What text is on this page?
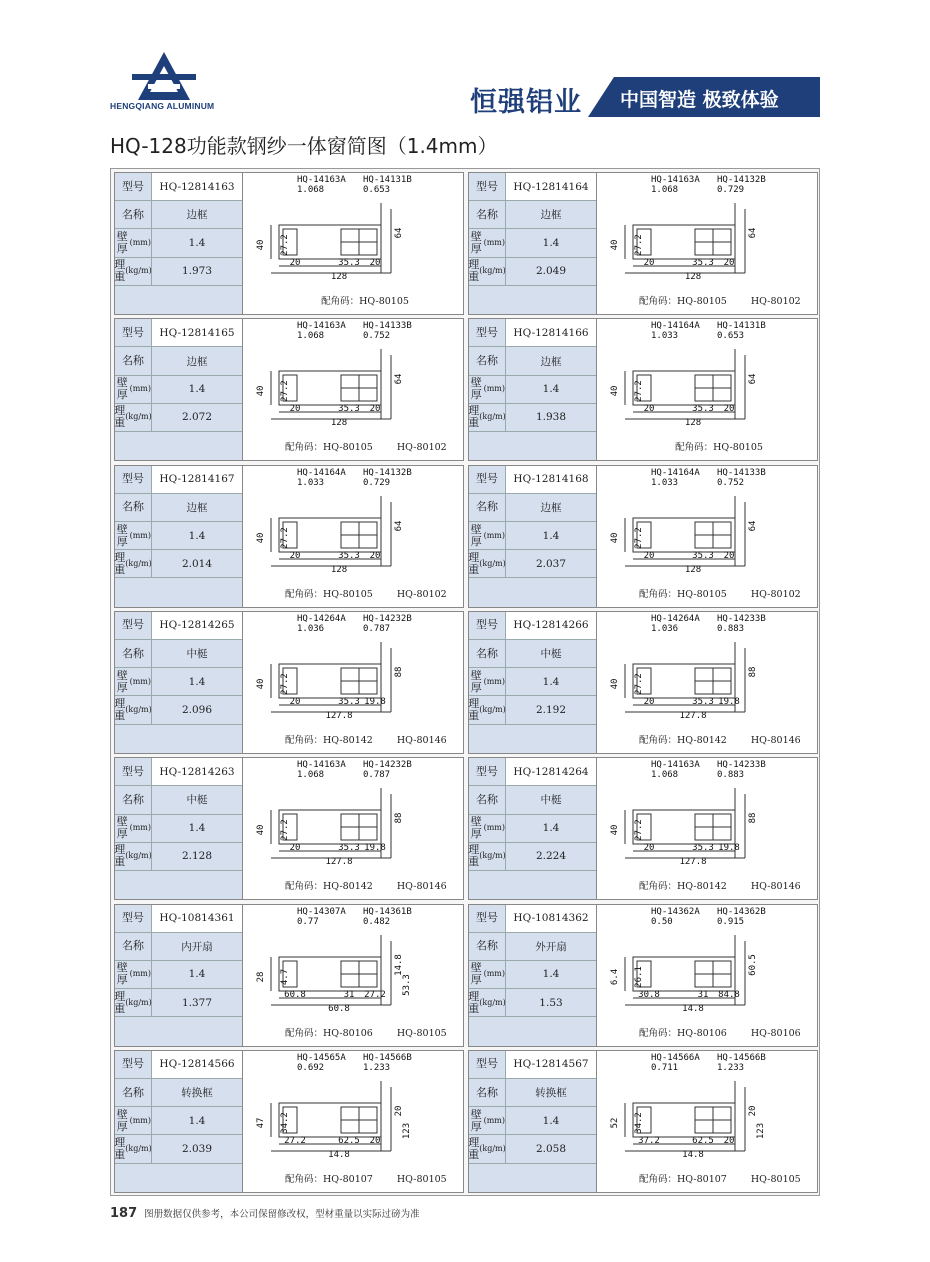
HENGQIANG ALUMINUM	恒强铝业 中国智造 极致体验
HQ-128功能款钢纱一体窗简图（1.4mm）
型号	HQ-12814163
名称	边框
壁厚 (mm)	1.4
理重 (kg/m)	1.973
40 27.2
20	35.3 20
128
64
HQ-14163A HQ-14131B
1.068	0.653
配角码：HQ-80105
型号	HQ-12814164
名称	边框
壁厚 (mm)	1.4
理重 (kg/m)	2.049
40 27.2
20	35.3 20
128
64
HQ-14163A HQ-14132B
1.068	0.729
配角码：HQ-80105	HQ-80102
型号	HQ-12814165
名称	边框
壁厚 (mm)	1.4
理重 (kg/m)	2.072
40 27.2
20	35.3 20
128
64
HQ-14163A HQ-14133B
1.068	0.752
配角码：HQ-80105	HQ-80102
型号	HQ-12814166
名称	边框
壁厚 (mm)	1.4
理重 (kg/m)	1.938
40 27.2
20	35.3 20
128
64
HQ-14164A HQ-14131B
1.033	0.653
配角码：HQ-80105
型号	HQ-12814167
名称	边框
壁厚 (mm)	1.4
理重 (kg/m)	2.014
40 27.2
20	35.3 20
128
64
HQ-14164A HQ-14132B
1.033	0.729
配角码：HQ-80105	HQ-80102
型号	HQ-12814168
名称	边框
壁厚 (mm)	1.4
理重 (kg/m)	2.037
40 27.2
20	35.3 20
128
64
HQ-14164A HQ-14133B
1.033	0.752
配角码：HQ-80105	HQ-80102
型号	HQ-12814265
名称	中梃
壁厚 (mm)	1.4
理重 (kg/m)	2.096
40 27.2
20	35.3 19.8
127.8
88
HQ-14264A HQ-14232B
1.036	0.787
配角码：HQ-80142	HQ-80146
型号	HQ-12814266
名称	中梃
壁厚 (mm)	1.4
理重 (kg/m)	2.192
40 27.2
20	35.3 19.8
127.8
88
HQ-14264A HQ-14233B
1.036	0.883
配角码：HQ-80142	HQ-80146
型号	HQ-12814263
名称	中梃
壁厚 (mm)	1.4
理重 (kg/m)	2.128
40 27.2
20	35.3 19.8
127.8
88
HQ-14163A HQ-14232B
1.068	0.787
配角码：HQ-80142	HQ-80146
型号	HQ-12814264
名称	中梃
壁厚 (mm)	1.4
理重 (kg/m)	2.224
40 27.2
20	35.3 19.8
127.8
88
HQ-14163A HQ-14233B
1.068	0.883
配角码：HQ-80142	HQ-80146
型号	HQ-10814361
名称	内开扇
壁厚 (mm)	1.4
理重 (kg/m)	1.377
28 4.7
60.8	31 27.2
60.8
14.8
53.3
HQ-14307A HQ-14361B
0.77	0.482
配角码：HQ-80106	HQ-80105
型号	HQ-10814362
名称	外开扇
壁厚 (mm)	1.4
理重 (kg/m)	1.53
6.4 26.1
30.8	31 84.8
14.8
60.5
HQ-14362A HQ-14362B
0.50	0.915
配角码：HQ-80106	HQ-80106
型号	HQ-12814566
名称	转换框
壁厚 (mm)	1.4
理重 (kg/m)	2.039
47 34.2
27.2	62.5 20
14.8
20
123
HQ-14565A HQ-14566B
0.692	1.233
配角码：HQ-80107	HQ-80105
型号	HQ-12814567
名称	转换框
壁厚 (mm)	1.4
理重 (kg/m)	2.058
52 34.2
37.2	62.5 20
14.8
20
123
HQ-14566A HQ-14566B
0.711	1.233
配角码：HQ-80107	HQ-80105
187 图册数据仅供参考，本公司保留修改权，型材重量以实际过磅为准
